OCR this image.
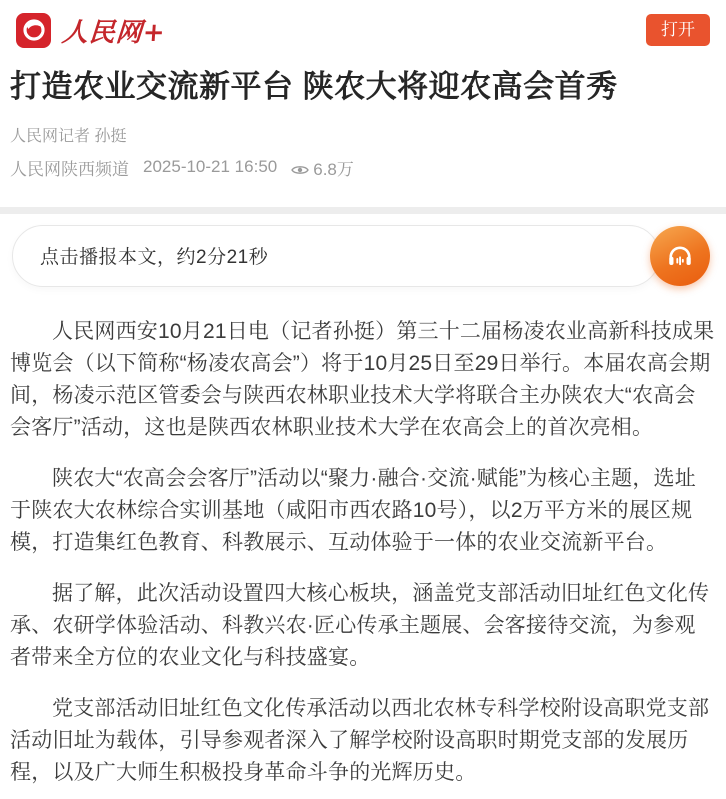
人民网+	打开
打造农业交流新平台 陕农大将迎农高会首秀
人民网记者 孙挺
人民网陕西频道 2025-10-21 16:50 6.8万
点击播报本文，约2分21秒

人民网西安10月21日电（记者孙挺）第三十二届杨凌农业高新科技成果博览会（以下简称“杨凌农高会”）将于10月25日至29日举行。本届农高会期间，杨凌示范区管委会与陕西农林职业技术大学将联合主办陕农大“农高会会客厅”活动，这也是陕西农林职业技术大学在农高会上的首次亮相。

陕农大“农高会会客厅”活动以“聚力·融合·交流·赋能”为核心主题，选址于陕农大农林综合实训基地（咸阳市西农路10号），以2万平方米的展区规模，打造集红色教育、科教展示、互动体验于一体的农业交流新平台。

据了解，此次活动设置四大核心板块，涵盖党支部活动旧址红色文化传承、农研学体验活动、科教兴农·匠心传承主题展、会客接待交流，为参观者带来全方位的农业文化与科技盛宴。

党支部活动旧址红色文化传承活动以西北农林专科学校附设高职党支部活动旧址为载体，引导参观者深入了解学校附设高职时期党支部的发展历程，以及广大师生积极投身革命斗争的光辉历史。
